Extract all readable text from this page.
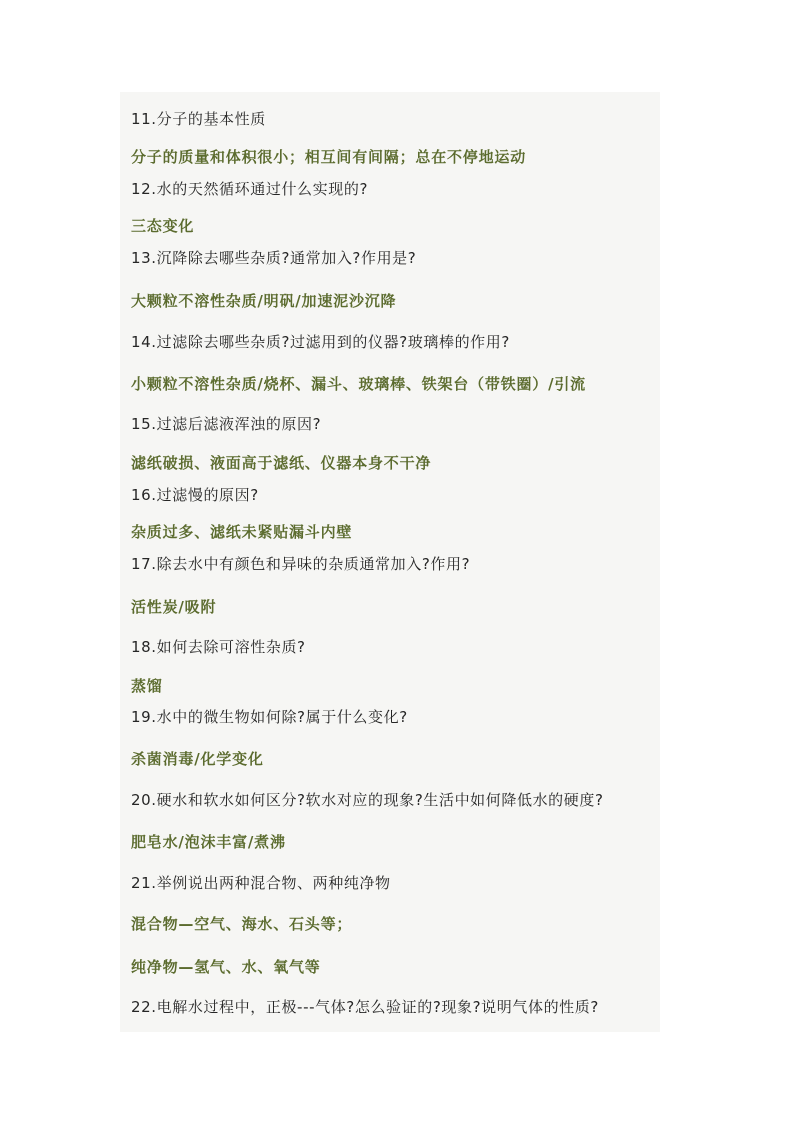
11.分子的基本性质
分子的质量和体积很小；相互间有间隔；总在不停地运动
12.水的天然循环通过什么实现的?
三态变化
13.沉降除去哪些杂质?通常加入?作用是?
大颗粒不溶性杂质/明矾/加速泥沙沉降
14.过滤除去哪些杂质?过滤用到的仪器?玻璃棒的作用?
小颗粒不溶性杂质/烧杯、漏斗、玻璃棒、铁架台（带铁圈）/引流
15.过滤后滤液浑浊的原因?
滤纸破损、液面高于滤纸、仪器本身不干净
16.过滤慢的原因?
杂质过多、滤纸未紧贴漏斗内壁
17.除去水中有颜色和异味的杂质通常加入?作用?
活性炭/吸附
18.如何去除可溶性杂质?
蒸馏
19.水中的微生物如何除?属于什么变化?
杀菌消毒/化学变化
20.硬水和软水如何区分?软水对应的现象?生活中如何降低水的硬度?
肥皂水/泡沫丰富/煮沸
21.举例说出两种混合物、两种纯净物
混合物—空气、海水、石头等；
纯净物—氢气、水、氧气等
22.电解水过程中，正极---气体?怎么验证的?现象?说明气体的性质?
